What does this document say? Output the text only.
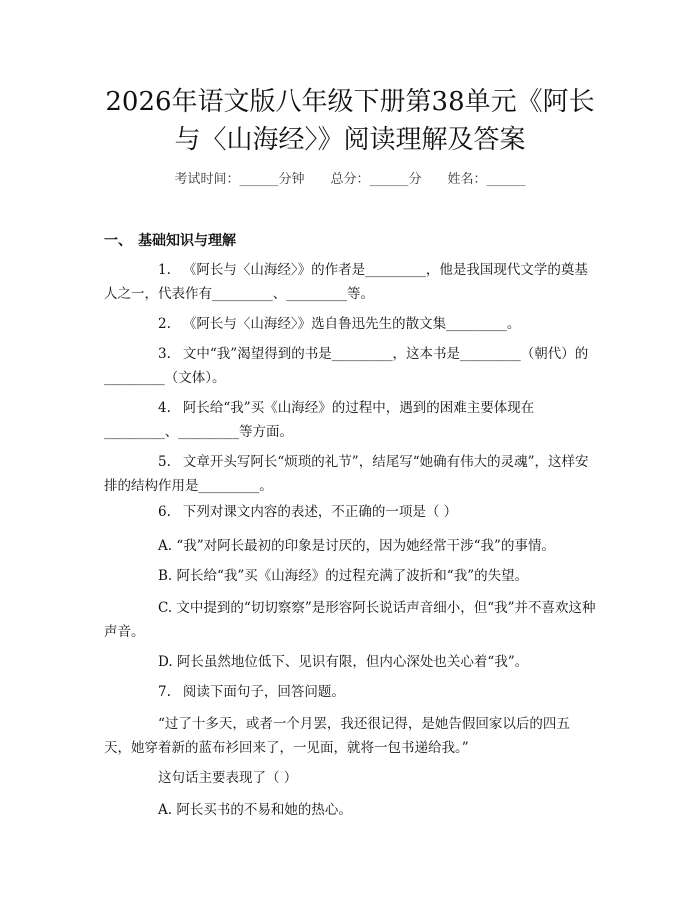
2026年语文版八年级下册第38单元《阿长
与〈山海经〉》阅读理解及答案
考试时间：______分钟 总分：______分 姓名：______
一、 基础知识与理解

1. 《阿长与〈山海经〉》的作者是_________，他是我国现代文学的奠基人之一，代表作有_________、_________等。

2. 《阿长与〈山海经〉》选自鲁迅先生的散文集_________。

3. 文中“我”渴望得到的书是_________，这本书是_________（朝代）的_________（文体）。

4. 阿长给“我”买《山海经》的过程中，遇到的困难主要体现在_________、_________等方面。

5. 文章开头写阿长“烦琐的礼节”，结尾写“她确有伟大的灵魂”，这样安排的结构作用是_________。

6. 下列对课文内容的表述，不正确的一项是（ ）

A. “我”对阿长最初的印象是讨厌的，因为她经常干涉“我”的事情。

B. 阿长给“我”买《山海经》的过程充满了波折和“我”的失望。

C. 文中提到的“切切察察”是形容阿长说话声音细小，但“我”并不喜欢这种声音。

D. 阿长虽然地位低下、见识有限，但内心深处也关心着“我”。

7. 阅读下面句子，回答问题。

“过了十多天，或者一个月罢，我还很记得，是她告假回家以后的四五天，她穿着新的蓝布衫回来了，一见面，就将一包书递给我。”

这句话主要表现了（ ）

A. 阿长买书的不易和她的热心。
